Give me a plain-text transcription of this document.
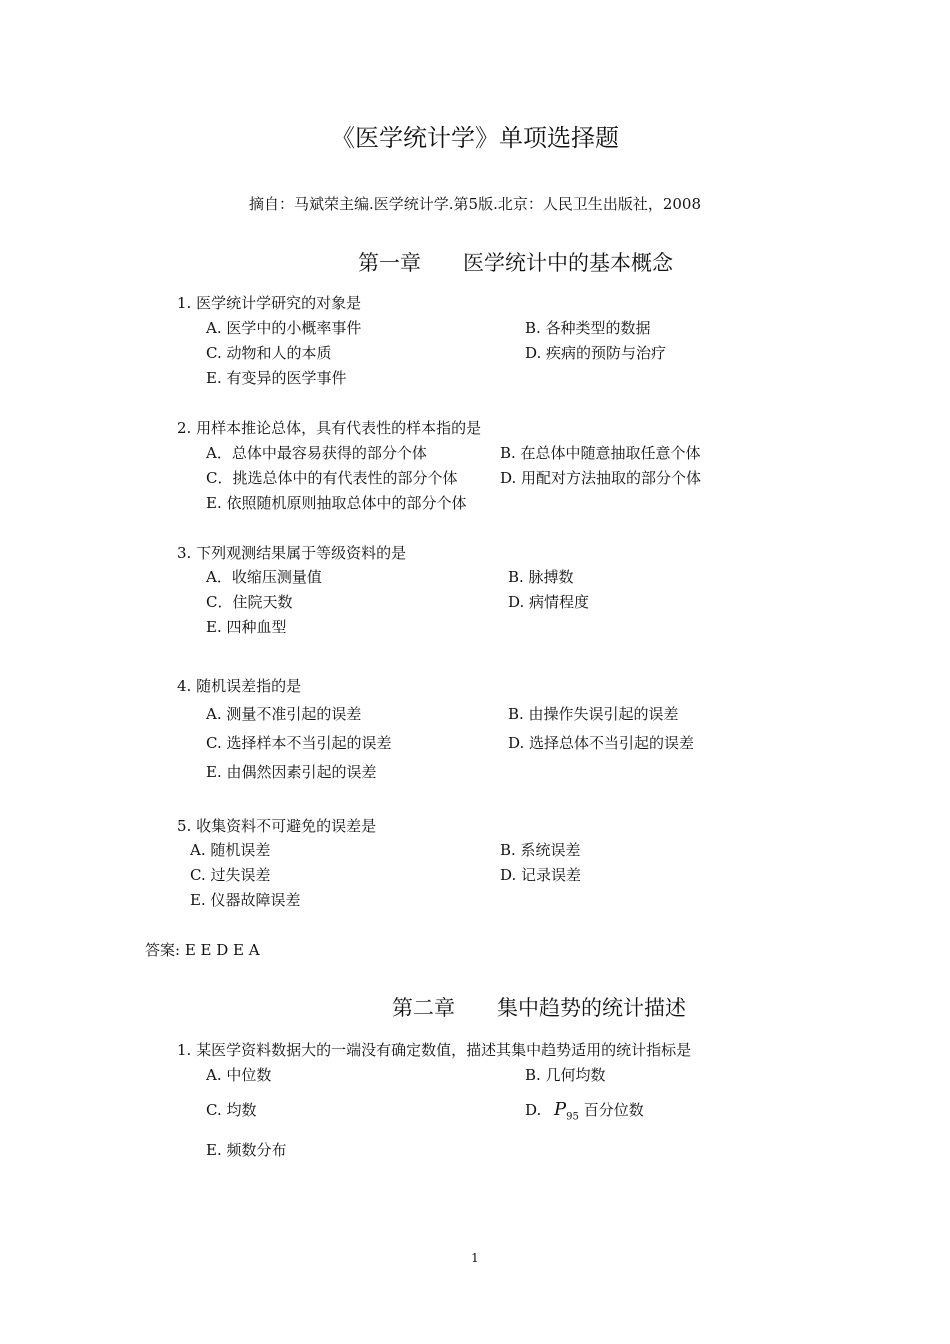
《医学统计学》单项选择题
摘自：马斌荣主编.医学统计学.第5版.北京：人民卫生出版社，2008
第一章　　医学统计中的基本概念
1. 医学统计学研究的对象是
A. 医学中的小概率事件	B. 各种类型的数据
C. 动物和人的本质	D. 疾病的预防与治疗
E. 有变异的医学事件
2. 用样本推论总体，具有代表性的样本指的是
A．总体中最容易获得的部分个体	B. 在总体中随意抽取任意个体
C．挑选总体中的有代表性的部分个体	D. 用配对方法抽取的部分个体
E. 依照随机原则抽取总体中的部分个体
3. 下列观测结果属于等级资料的是
A．收缩压测量值	B. 脉搏数
C．住院天数	D. 病情程度
E. 四种血型
4. 随机误差指的是
A. 测量不准引起的误差	B. 由操作失误引起的误差
C. 选择样本不当引起的误差	D. 选择总体不当引起的误差
E. 由偶然因素引起的误差
5. 收集资料不可避免的误差是
A. 随机误差	B. 系统误差
C. 过失误差	D. 记录误差
E. 仪器故障误差
答案: E E D E A
第二章　　集中趋势的统计描述
1. 某医学资料数据大的一端没有确定数值，描述其集中趋势适用的统计指标是
A. 中位数	B. 几何均数
C. 均数	D. $P_{95}$ 百分位数
E. 频数分布
1
